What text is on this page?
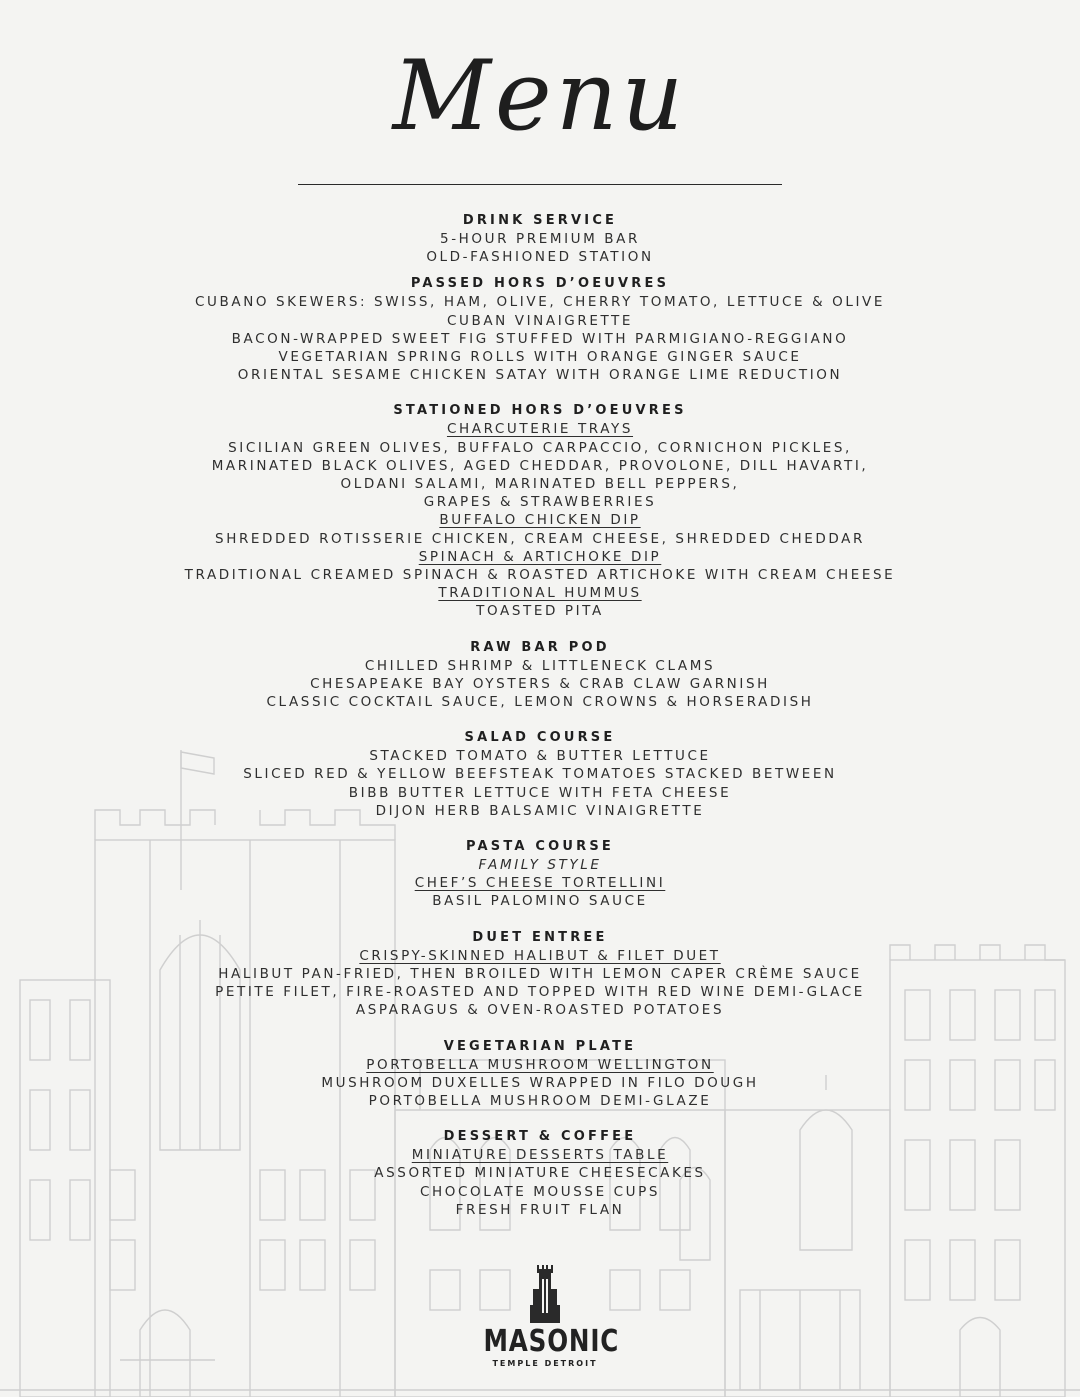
Menu
DRINK SERVICE
5-HOUR PREMIUM BAR
OLD-FASHIONED STATION
PASSED HORS D’OEUVRES
CUBANO SKEWERS: SWISS, HAM, OLIVE, CHERRY TOMATO, LETTUCE & OLIVE
CUBAN VINAIGRETTE
BACON-WRAPPED SWEET FIG STUFFED WITH PARMIGIANO-REGGIANO
VEGETARIAN SPRING ROLLS WITH ORANGE GINGER SAUCE
ORIENTAL SESAME CHICKEN SATAY WITH ORANGE LIME REDUCTION
STATIONED HORS D’OEUVRES
CHARCUTERIE TRAYS
SICILIAN GREEN OLIVES, BUFFALO CARPACCIO, CORNICHON PICKLES,
MARINATED BLACK OLIVES, AGED CHEDDAR, PROVOLONE, DILL HAVARTI,
OLDANI SALAMI, MARINATED BELL PEPPERS,
GRAPES & STRAWBERRIES
BUFFALO CHICKEN DIP
SHREDDED ROTISSERIE CHICKEN, CREAM CHEESE, SHREDDED CHEDDAR
SPINACH & ARTICHOKE DIP
TRADITIONAL CREAMED SPINACH & ROASTED ARTICHOKE WITH CREAM CHEESE
TRADITIONAL HUMMUS
TOASTED PITA
RAW BAR POD
CHILLED SHRIMP & LITTLENECK CLAMS
CHESAPEAKE BAY OYSTERS & CRAB CLAW GARNISH
CLASSIC COCKTAIL SAUCE, LEMON CROWNS & HORSERADISH
SALAD COURSE
STACKED TOMATO & BUTTER LETTUCE
SLICED RED & YELLOW BEEFSTEAK TOMATOES STACKED BETWEEN
BIBB BUTTER LETTUCE WITH FETA CHEESE
DIJON HERB BALSAMIC VINAIGRETTE
PASTA COURSE
FAMILY STYLE
CHEF’S CHEESE TORTELLINI
BASIL PALOMINO SAUCE
DUET ENTREE
CRISPY-SKINNED HALIBUT & FILET DUET
HALIBUT PAN-FRIED, THEN BROILED WITH LEMON CAPER CRÈME SAUCE
PETITE FILET, FIRE-ROASTED AND TOPPED WITH RED WINE DEMI-GLACE
ASPARAGUS & OVEN-ROASTED POTATOES
VEGETARIAN PLATE
PORTOBELLA MUSHROOM WELLINGTON
MUSHROOM DUXELLES WRAPPED IN FILO DOUGH
PORTOBELLA MUSHROOM DEMI-GLAZE
DESSERT & COFFEE
MINIATURE DESSERTS TABLE
ASSORTED MINIATURE CHEESECAKES
CHOCOLATE MOUSSE CUPS
FRESH FRUIT FLAN
MASONIC
TEMPLE DETROIT
